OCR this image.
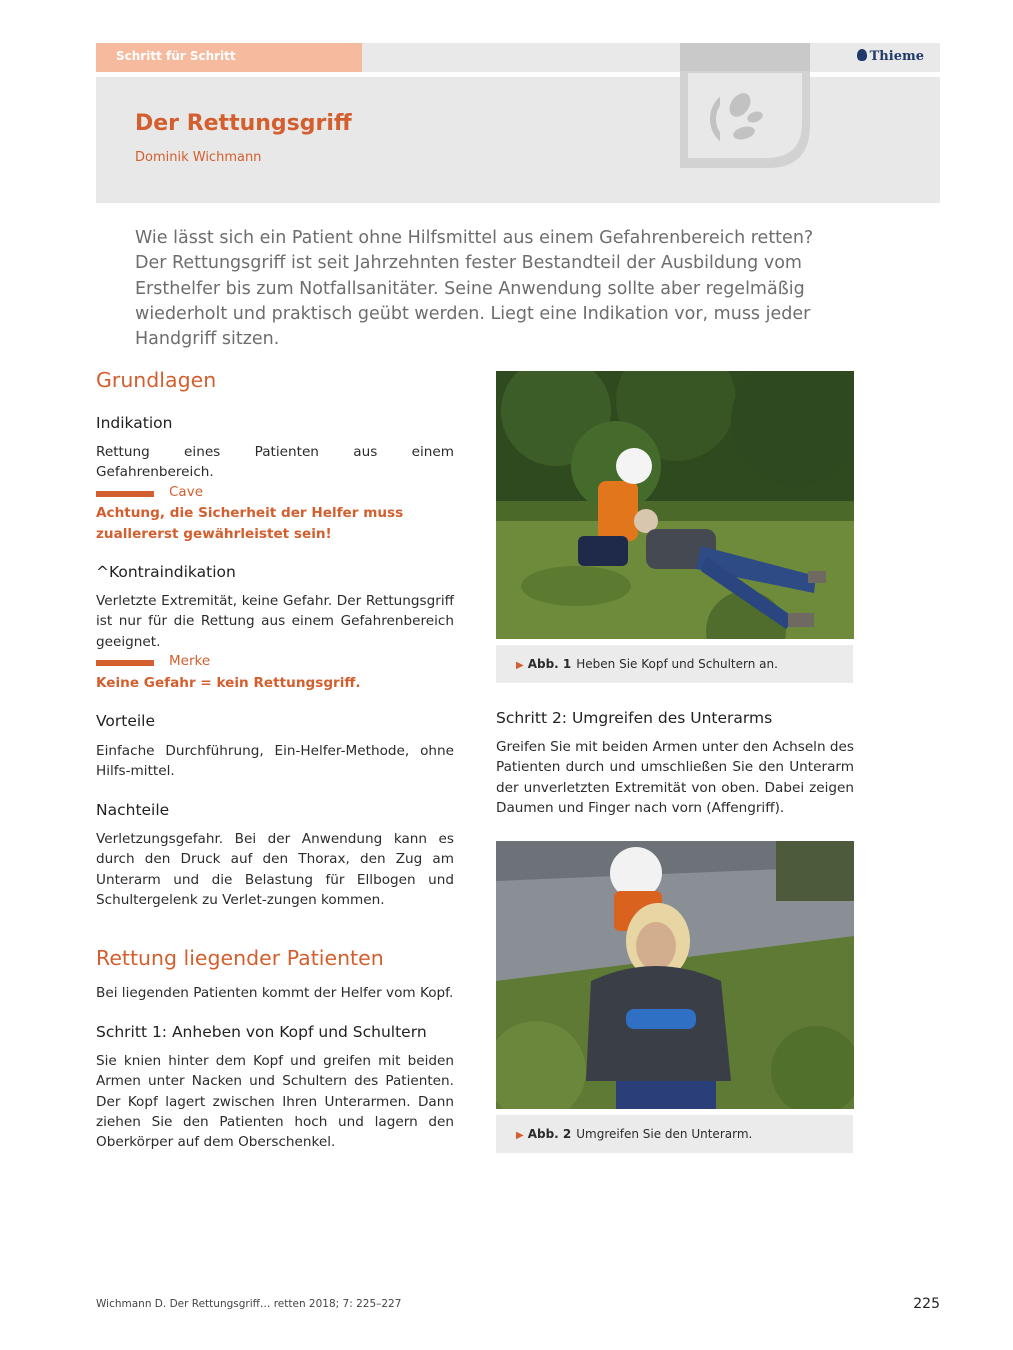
Schritt für Schritt	Thieme
Der Rettungsgriff
Dominik Wichmann
Wie lässt sich ein Patient ohne Hilfsmittel aus einem Gefahrenbereich retten? Der Rettungsgriff ist seit Jahrzehnten fester Bestandteil der Ausbildung vom Ersthelfer bis zum Notfallsanitäter. Seine Anwendung sollte aber regelmäßig wiederholt und praktisch geübt werden. Liegt eine Indikation vor, muss jeder Handgriff sitzen.
Grundlagen
Indikation
Rettung eines Patienten aus einem Gefahrenbereich.
Cave
Achtung, die Sicherheit der Helfer muss zuallererst gewährleistet sein!
^Kontraindikation
Verletzte Extremität, keine Gefahr. Der Rettungsgriff ist nur für die Rettung aus einem Gefahrenbereich geeignet.
Merke
Keine Gefahr = kein Rettungsgriff.
Vorteile
Einfache Durchführung, Ein-Helfer-Methode, ohne Hilfs-mittel.
Nachteile
Verletzungsgefahr. Bei der Anwendung kann es durch den Druck auf den Thorax, den Zug am Unterarm und die Belastung für Ellbogen und Schultergelenk zu Verlet-zungen kommen.
Rettung liegender Patienten
Bei liegenden Patienten kommt der Helfer vom Kopf.
Schritt 1: Anheben von Kopf und Schultern
Sie knien hinter dem Kopf und greifen mit beiden Armen unter Nacken und Schultern des Patienten. Der Kopf lagert zwischen Ihren Unterarmen. Dann ziehen Sie den Patienten hoch und lagern den Oberkörper auf dem Oberschenkel.
▶ Abb. 1 Heben Sie Kopf und Schultern an.
Schritt 2: Umgreifen des Unterarms
Greifen Sie mit beiden Armen unter den Achseln des Patienten durch und umschließen Sie den Unterarm der unverletzten Extremität von oben. Dabei zeigen Daumen und Finger nach vorn (Affengriff).
▶ Abb. 2 Umgreifen Sie den Unterarm.
Wichmann D. Der Rettungsgriff… retten 2018; 7: 225–227	225
